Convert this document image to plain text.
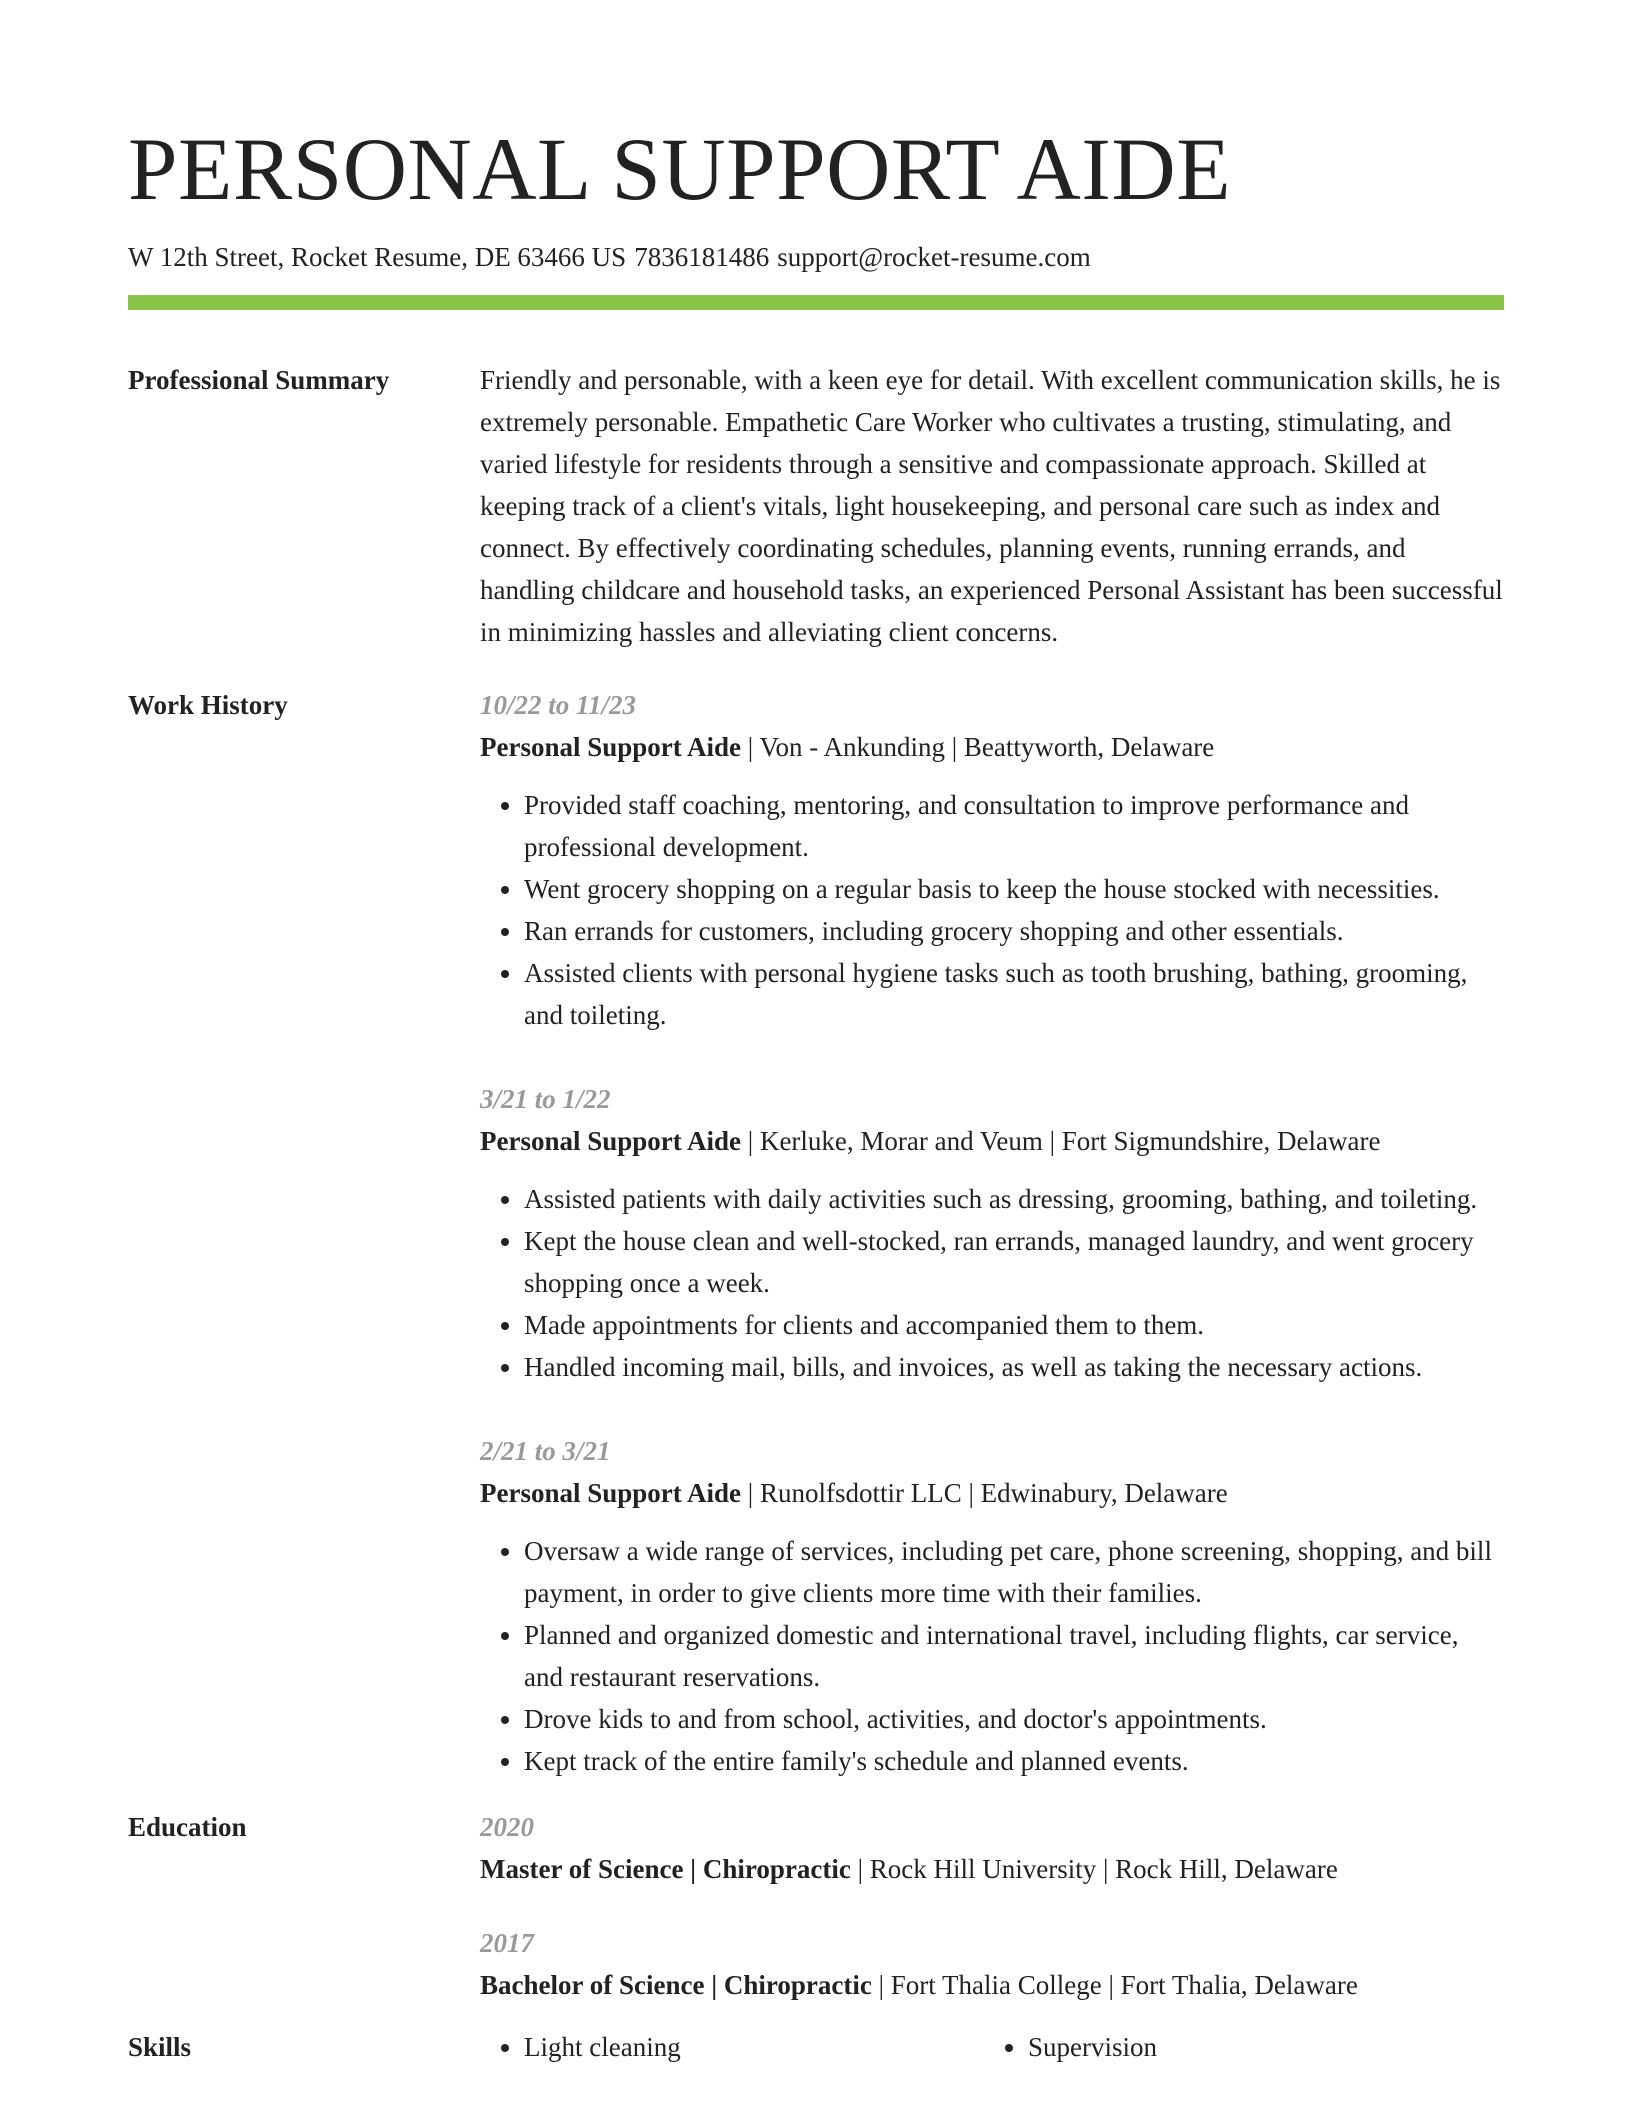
PERSONAL SUPPORT AIDE
W 12th Street, Rocket Resume, DE 63466 US 7836181486 support@rocket-resume.com
Professional Summary	Friendly and personable, with a keen eye for detail. With excellent communication skills, he is extremely personable. Empathetic Care Worker who cultivates a trusting, stimulating, and varied lifestyle for residents through a sensitive and compassionate approach. Skilled at keeping track of a client's vitals, light housekeeping, and personal care such as index and connect. By effectively coordinating schedules, planning events, running errands, and handling childcare and household tasks, an experienced Personal Assistant has been successful in minimizing hassles and alleviating client concerns.

Work History	10/22 to 11/23
Personal Support Aide | Von - Ankunding | Beattyworth, Delaware
• Provided staff coaching, mentoring, and consultation to improve performance and professional development.
• Went grocery shopping on a regular basis to keep the house stocked with necessities.
• Ran errands for customers, including grocery shopping and other essentials.
• Assisted clients with personal hygiene tasks such as tooth brushing, bathing, grooming, and toileting.
3/21 to 1/22
Personal Support Aide | Kerluke, Morar and Veum | Fort Sigmundshire, Delaware
• Assisted patients with daily activities such as dressing, grooming, bathing, and toileting.
• Kept the house clean and well-stocked, ran errands, managed laundry, and went grocery shopping once a week.
• Made appointments for clients and accompanied them to them.
• Handled incoming mail, bills, and invoices, as well as taking the necessary actions.
2/21 to 3/21
Personal Support Aide | Runolfsdottir LLC | Edwinabury, Delaware
• Oversaw a wide range of services, including pet care, phone screening, shopping, and bill payment, in order to give clients more time with their families.
• Planned and organized domestic and international travel, including flights, car service, and restaurant reservations.
• Drove kids to and from school, activities, and doctor's appointments.
• Kept track of the entire family's schedule and planned events.
Education	2020
Master of Science | Chiropractic | Rock Hill University | Rock Hill, Delaware
2017
Bachelor of Science | Chiropractic | Fort Thalia College | Fort Thalia, Delaware
Skills	• Light cleaning	• Supervision
